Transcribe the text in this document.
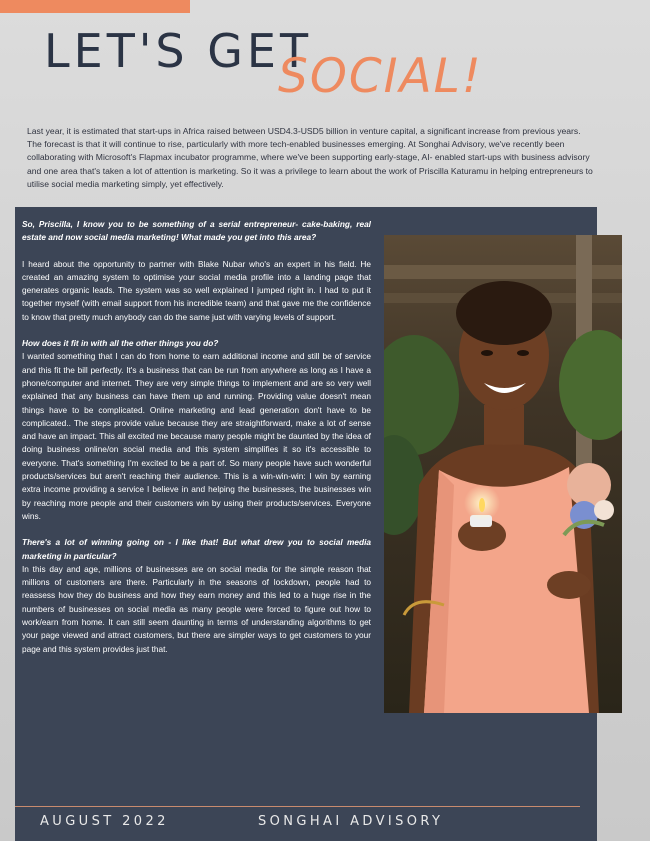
LET'S GET
SOCIAL!

Last year, it is estimated that start-ups in Africa raised between USD4.3-USD5 billion in venture capital, a significant increase from previous years. The forecast is that it will continue to rise, particularly with more tech-enabled businesses emerging. At Songhai Advisory, we've recently been collaborating with Microsoft's Flapmax incubator programme, where we've been supporting early-stage, AI- enabled start-ups with business advisory and one area that's taken a lot of attention is marketing. So it was a privilege to learn about the work of Priscilla Katuramu in helping entrepreneurs to utilise social media marketing simply, yet effectively.

So, Priscilla, I know you to be something of a serial entrepreneur- cake-baking, real estate and now social media marketing! What made you get into this area?

I heard about the opportunity to partner with Blake Nubar who's an expert in his field. He created an amazing system to optimise your social media profile into a landing page that generates organic leads. The system was so well explained I jumped right in. I had to put it together myself (with email support from his incredible team) and that gave me the confidence to know that pretty much anybody can do the same just with varying levels of support.

How does it fit in with all the other things you do?

I wanted something that I can do from home to earn additional income and still be of service and this fit the bill perfectly. It's a business that can be run from anywhere as long as I have a phone/computer and internet. They are very simple things to implement and are so very well explained that any business can have them up and running. Providing value doesn't mean things have to be complicated. Online marketing and lead generation don't have to be complicated.. The steps provide value because they are straightforward, make a lot of sense and have an impact. This all excited me because many people might be daunted by the idea of doing business online/on social media and this system simplifies it so it's accessible to everyone. That's something I'm excited to be a part of. So many people have such wonderful products/services but aren't reaching their audience. This is a win-win-win: I win by earning extra income providing a service I believe in and helping the businesses, the businesses win by reaching more people and their customers win by using their products/services. Everyone wins.

There's a lot of winning going on - I like that! But what drew you to social media marketing in particular?

In this day and age, millions of businesses are on social media for the simple reason that millions of customers are there. Particularly in the seasons of lockdown, people had to reassess how they do business and how they earn money and this led to a huge rise in the numbers of businesses on social media as many people were forced to figure out how to work/earn from home. It can still seem daunting in terms of understanding algorithms to get your page viewed and attract customers, but there are simpler ways to get customers to your page and this system provides just that.

AUGUST 2022	SONGHAI ADVISORY
